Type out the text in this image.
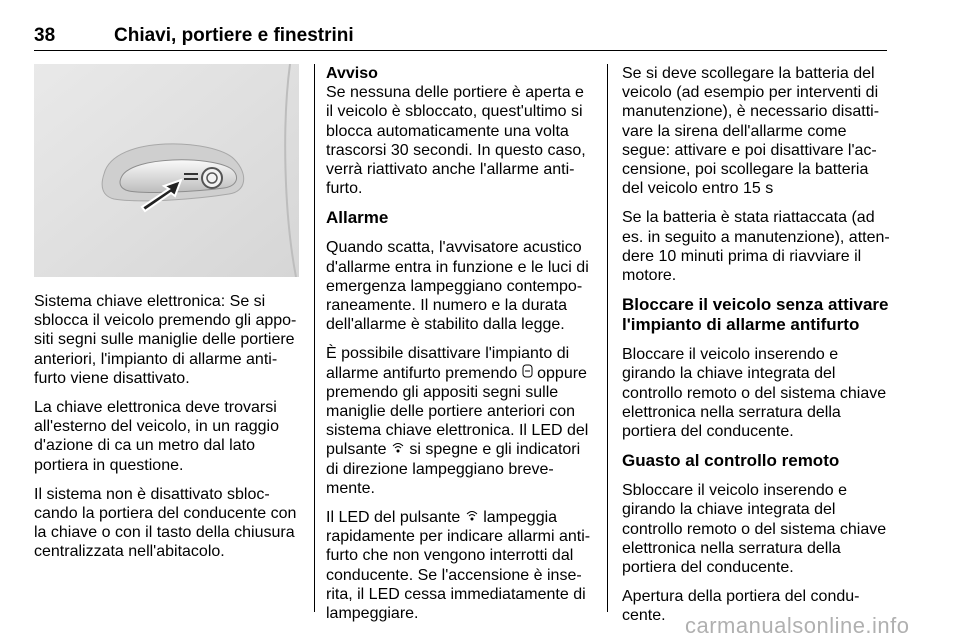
38	Chiavi, portiere e finestrini

Sistema chiave elettronica: Se si sblocca il veicolo premendo gli appositi segni sulle maniglie delle portiere anteriori, l'impianto di allarme antifurto viene disattivato.

La chiave elettronica deve trovarsi all'esterno del veicolo, in un raggio d'azione di ca un metro dal lato portiera in questione.

Il sistema non è disattivato sbloccando la portiera del conducente con la chiave o con il tasto della chiusura centralizzata nell'abitacolo.

Avviso
Se nessuna delle portiere è aperta e il veicolo è sbloccato, quest'ultimo si blocca automaticamente una volta trascorsi 30 secondi. In questo caso, verrà riattivato anche l'allarme antifurto.
Allarme

Quando scatta, l'avvisatore acustico d'allarme entra in funzione e le luci di emergenza lampeggiano contemporaneamente. Il numero e la durata dell'allarme è stabilito dalla legge.

È possibile disattivare l'impianto di allarme antifurto premendo oppure premendo gli appositi segni sulle maniglie delle portiere anteriori con sistema chiave elettronica. Il LED del pulsante si spegne e gli indicatori di direzione lampeggiano brevemente.

Il LED del pulsante lampeggia rapidamente per indicare allarmi antifurto che non vengono interrotti dal conducente. Se l'accensione è inserita, il LED cessa immediatamente di lampeggiare.

Se si deve scollegare la batteria del veicolo (ad esempio per interventi di manutenzione), è necessario disattivare la sirena dell'allarme come segue: attivare e poi disattivare l'accensione, poi scollegare la batteria del veicolo entro 15 s

Se la batteria è stata riattaccata (ad es. in seguito a manutenzione), attendere 10 minuti prima di riavviare il motore.

Bloccare il veicolo senza attivare l'impianto di allarme antifurto

Bloccare il veicolo inserendo e girando la chiave integrata del controllo remoto o del sistema chiave elettronica nella serratura della portiera del conducente.

Guasto al controllo remoto

Sbloccare il veicolo inserendo e girando la chiave integrata del controllo remoto o del sistema chiave elettronica nella serratura della portiera del conducente.

Apertura della portiera del conducente. carmanualsonline.info
